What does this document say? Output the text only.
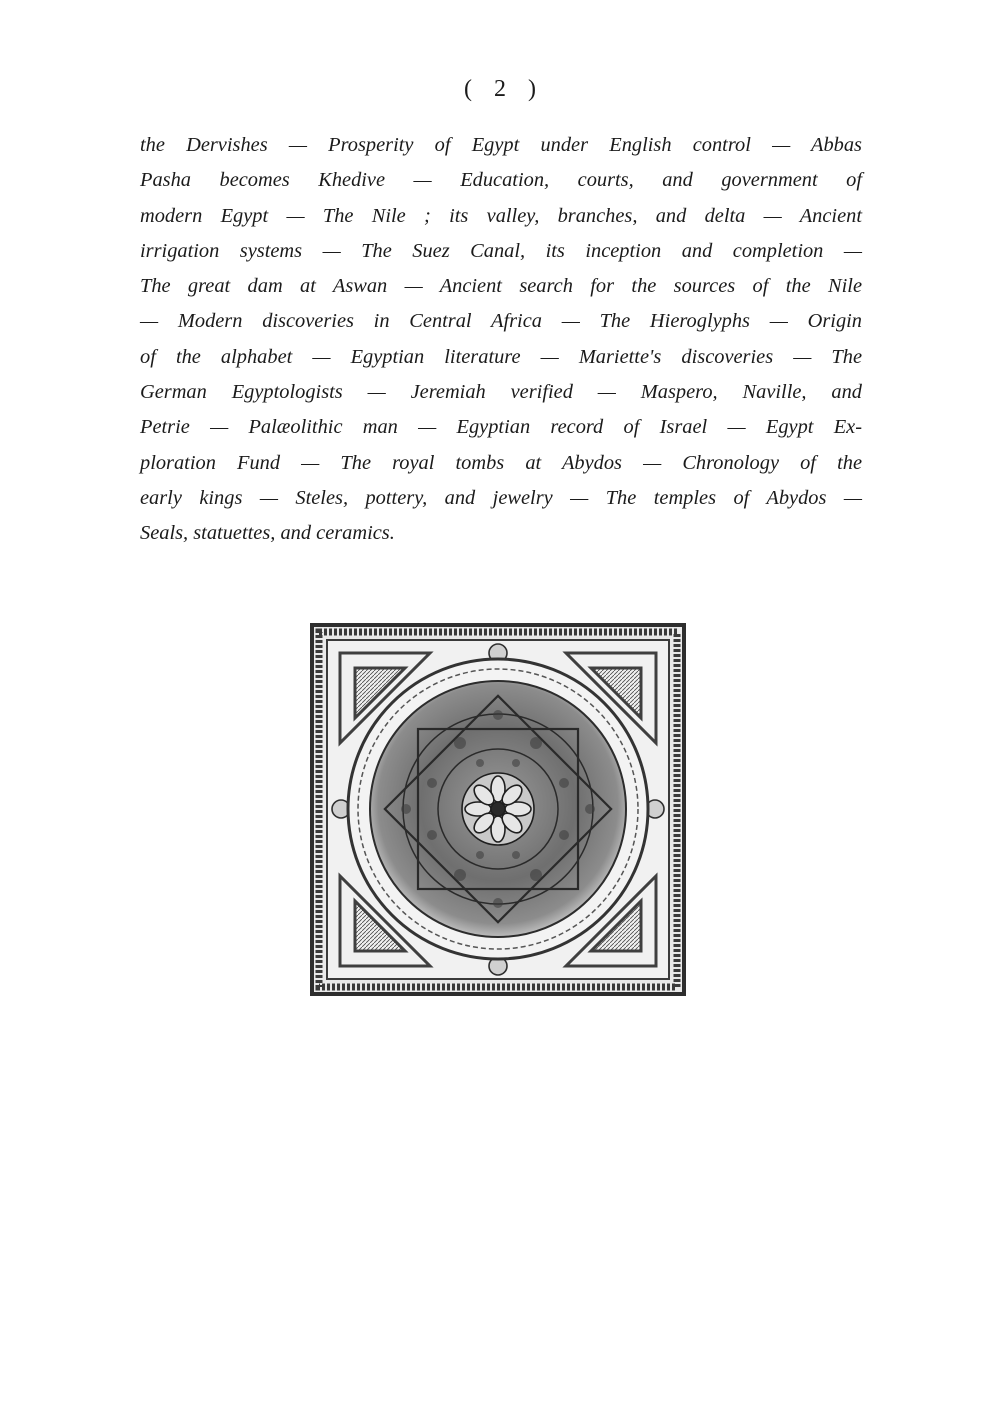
( 2 )
the Dervishes — Prosperity of Egypt under English control — Abbas
Pasha becomes Khedive — Education, courts, and government of
modern Egypt — The Nile ; its valley, branches, and delta — Ancient
irrigation systems — The Suez Canal, its inception and completion —
The great dam at Aswan — Ancient search for the sources of the Nile
— Modern discoveries in Central Africa — The Hieroglyphs — Origin
of the alphabet — Egyptian literature — Mariette's discoveries — The
German Egyptologists — Jeremiah verified — Maspero, Naville, and
Petrie — Palæolithic man — Egyptian record of Israel — Egypt Ex-
ploration Fund — The royal tombs at Abydos — Chronology of the
early kings — Steles, pottery, and jewelry — The temples of Abydos —
Seals, statuettes, and ceramics.
